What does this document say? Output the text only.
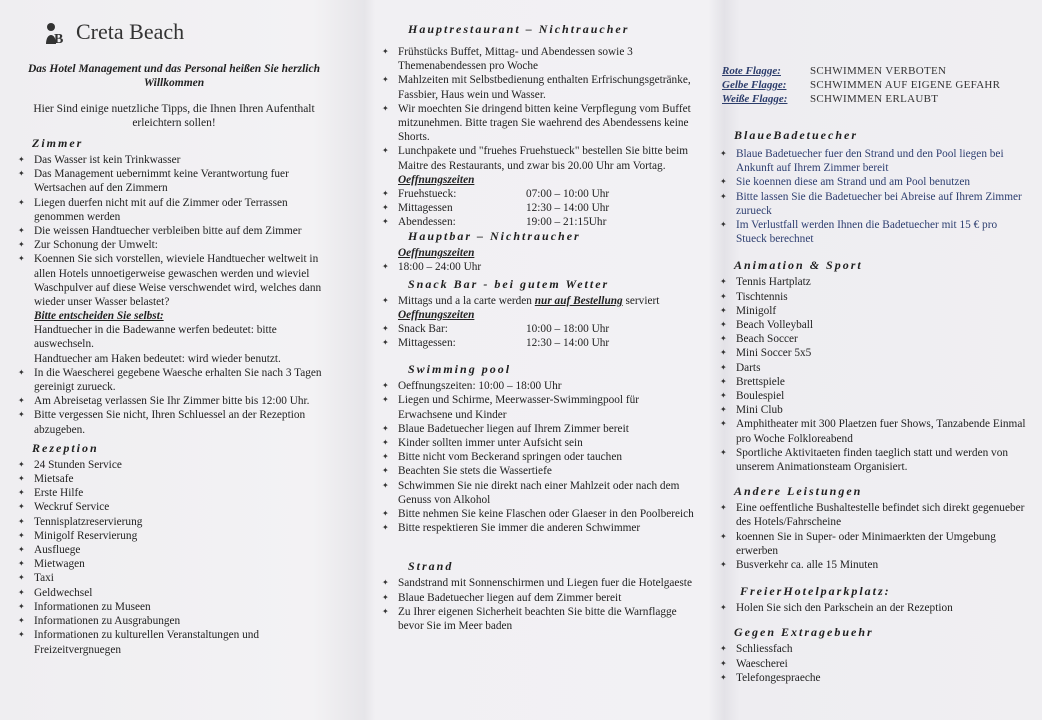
B Creta Beach
Das Hotel Management und das Personal heißen Sie herzlich Willkommen
Hier Sind einige nuetzliche Tipps, die Ihnen Ihren Aufenthalt erleichtern sollen!
Zimmer
✦ Das Wasser ist kein Trinkwasser
✦ Das Management uebernimmt keine Verantwortung fuer Wertsachen auf den Zimmern
✦ Liegen duerfen nicht mit auf die Zimmer oder Terrassen genommen werden
✦ Die weissen Handtuecher verbleiben bitte auf dem Zimmer
✦ Zur Schonung der Umwelt:
✦ Koennen Sie sich vorstellen, wieviele Handtuecher weltweit in allen Hotels unnoetigerweise gewaschen werden und wieviel Waschpulver auf diese Weise verschwendet wird, welches dann wieder unser Wasser belastet?
Bitte entscheiden Sie selbst:
Handtuecher in die Badewanne werfen bedeutet: bitte auswechseln.
Handtuecher am Haken bedeutet: wird wieder benutzt.
✦ In die Waescherei gegebene Waesche erhalten Sie nach 3 Tagen gereinigt zurueck.
✦ Am Abreisetag verlassen Sie Ihr Zimmer bitte bis 12:00 Uhr.
✦ Bitte vergessen Sie nicht, Ihren Schluessel an der Rezeption abzugeben.
Rezeption
✦ 24 Stunden Service
✦ Mietsafe
✦ Erste Hilfe
✦ Weckruf Service
✦ Tennisplatzreservierung
✦ Minigolf Reservierung
✦ Ausfluege
✦ Mietwagen
✦ Taxi
✦ Geldwechsel
✦ Informationen zu Museen
✦ Informationen zu Ausgrabungen
✦ Informationen zu kulturellen Veranstaltungen und Freizeitvergnuegen
Hauptrestaurant – Nichtraucher
✦ Frühstücks Buffet, Mittag- und Abendessen sowie 3 Themenabendessen pro Woche
✦ Mahlzeiten mit Selbstbedienung enthalten Erfrischungsgetränke, Fassbier, Haus wein und Wasser.
✦ Wir moechten Sie dringend bitten keine Verpflegung vom Buffet mitzunehmen. Bitte tragen Sie waehrend des Abendessens keine Shorts.
✦ Lunchpakete und "fruehes Fruehstueck" bestellen Sie bitte beim Maitre des Restaurants, und zwar bis 20.00 Uhr am Vortag.
Oeffnungszeiten
✦ Fruehstueck:	07:00 – 10:00 Uhr
✦ Mittagessen	12:30 – 14:00 Uhr
✦ Abendessen:	19:00 – 21:15Uhr
Hauptbar – Nichtraucher
Oeffnungszeiten
✦ 18:00 – 24:00 Uhr
Snack Bar - bei gutem Wetter
✦ Mittags und a la carte werden nur auf Bestellung serviert
Oeffnungszeiten
✦ Snack Bar:	10:00 – 18:00 Uhr
✦ Mittagessen:	12:30 – 14:00 Uhr
Swimming pool
✦ Oeffnungszeiten: 10:00 – 18:00 Uhr
✦ Liegen und Schirme, Meerwasser-Swimmingpool für Erwachsene und Kinder
✦ Blaue Badetuecher liegen auf Ihrem Zimmer bereit
✦ Kinder sollten immer unter Aufsicht sein
✦ Bitte nicht vom Beckerand springen oder tauchen
✦ Beachten Sie stets die Wassertiefe
✦ Schwimmen Sie nie direkt nach einer Mahlzeit oder nach dem Genuss von Alkohol
✦ Bitte nehmen Sie keine Flaschen oder Glaeser in den Poolbereich
✦ Bitte respektieren Sie immer die anderen Schwimmer
Strand
✦ Sandstrand mit Sonnenschirmen und Liegen fuer die Hotelgaeste
✦ Blaue Badetuecher liegen auf dem Zimmer bereit
✦ Zu Ihrer eigenen Sicherheit beachten Sie bitte die Warnflagge bevor Sie im Meer baden
Rote Flagge:	SCHWIMMEN VERBOTEN
Gelbe Flagge:	SCHWIMMEN AUF EIGENE GEFAHR
Weiße Flagge:	SCHWIMMEN ERLAUBT
BlaueBadetuecher
✦ Blaue Badetuecher fuer den Strand und den Pool liegen bei Ankunft auf Ihrem Zimmer bereit
✦ Sie koennen diese am Strand und am Pool benutzen
✦ Bitte lassen Sie die Badetuecher bei Abreise auf Ihrem Zimmer zurueck
✦ Im Verlustfall werden Ihnen die Badetuecher mit 15 € pro Stueck berechnet
Animation & Sport
✦ Tennis Hartplatz
✦ Tischtennis
✦ Minigolf
✦ Beach Volleyball
✦ Beach Soccer
✦ Mini Soccer 5x5
✦ Darts
✦ Brettspiele
✦ Boulespiel
✦ Mini Club
✦ Amphitheater mit 300 Plaetzen fuer Shows, Tanzabende Einmal pro Woche Folkloreabend
✦ Sportliche Aktivitaeten finden taeglich statt und werden von unserem Animationsteam Organisiert.
Andere Leistungen
✦ Eine oeffentliche Bushaltestelle befindet sich direkt gegenueber des Hotels/Fahrscheine
✦ koennen Sie in Super- oder Minimaerkten der Umgebung erwerben
✦ Busverkehr ca. alle 15 Minuten
FreierHotelparkplatz:
✦ Holen Sie sich den Parkschein an der Rezeption
Gegen Extragebuehr
✦ Schliessfach
✦ Waescherei
✦ Telefongespraeche
